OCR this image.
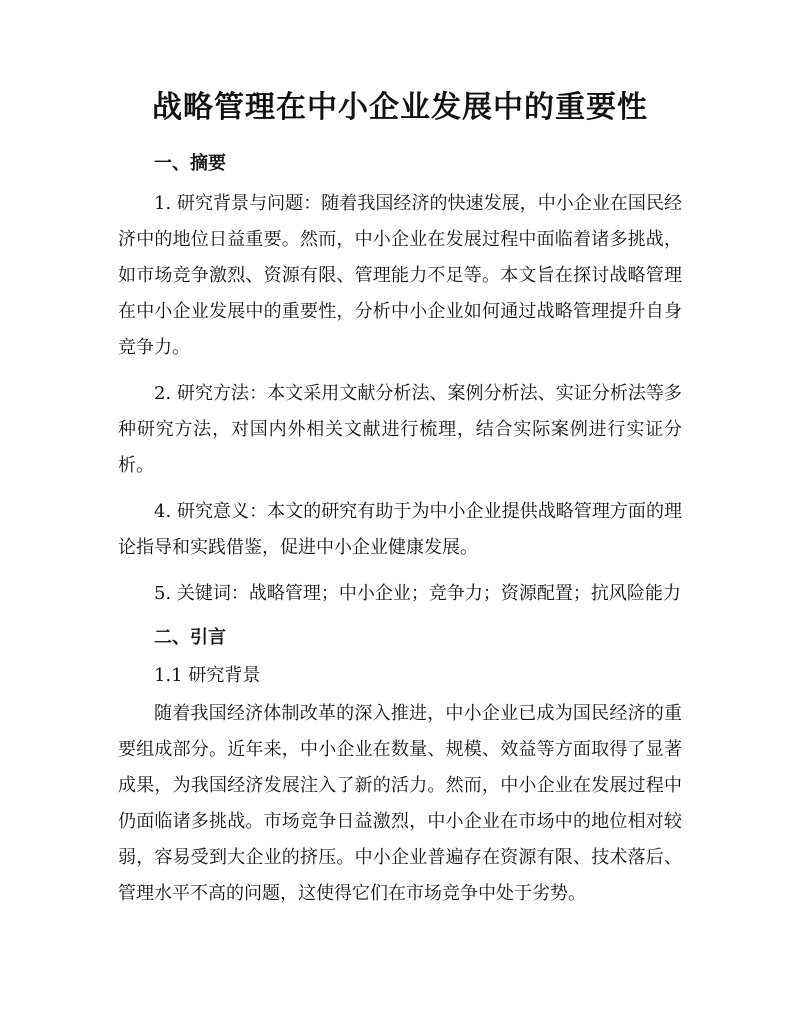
战略管理在中小企业发展中的重要性
一、摘要

1. 研究背景与问题：随着我国经济的快速发展，中小企业在国民经济中的地位日益重要。然而，中小企业在发展过程中面临着诸多挑战，如市场竞争激烈、资源有限、管理能力不足等。本文旨在探讨战略管理在中小企业发展中的重要性，分析中小企业如何通过战略管理提升自身竞争力。

2. 研究方法：本文采用文献分析法、案例分析法、实证分析法等多种研究方法，对国内外相关文献进行梳理，结合实际案例进行实证分析。

4. 研究意义：本文的研究有助于为中小企业提供战略管理方面的理论指导和实践借鉴，促进中小企业健康发展。

5. 关键词：战略管理；中小企业；竞争力；资源配置；抗风险能力

二、引言
1.1 研究背景

随着我国经济体制改革的深入推进，中小企业已成为国民经济的重要组成部分。近年来，中小企业在数量、规模、效益等方面取得了显著成果，为我国经济发展注入了新的活力。然而，中小企业在发展过程中仍面临诸多挑战。市场竞争日益激烈，中小企业在市场中的地位相对较弱，容易受到大企业的挤压。中小企业普遍存在资源有限、技术落后、管理水平不高的问题，这使得它们在市场竞争中处于劣势。
